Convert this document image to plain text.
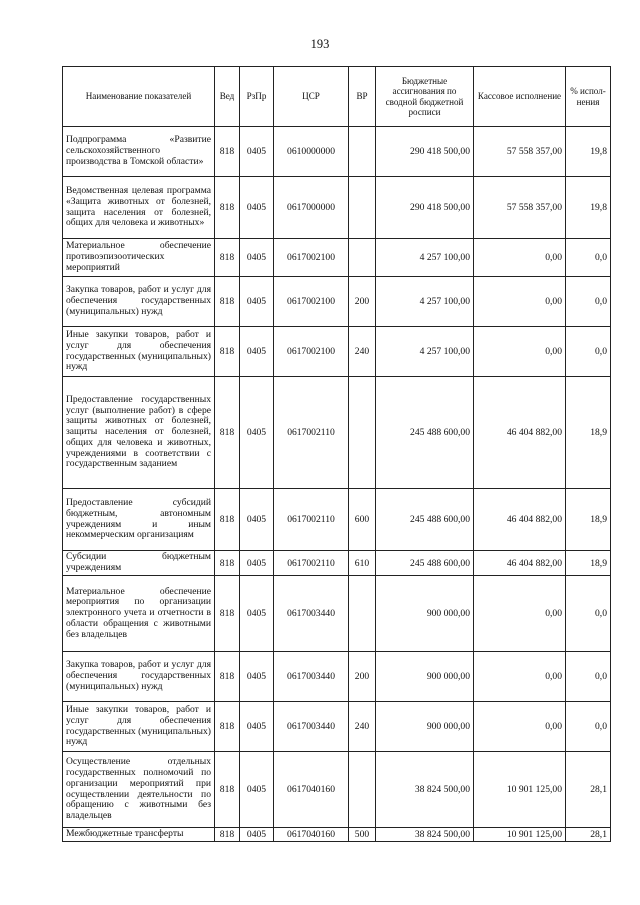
193
Наименование показателей	Вед	РзПр	ЦСР	ВР	Бюджетные ассигнования по сводной бюджетной росписи	Кассовое исполнение	% испол-нения
Подпрограмма «Развитие сельскохозяйственного производства в Томской области»	818	0405	0610000000		290 418 500,00	57 558 357,00	19,8
Ведомственная целевая программа «Защита животных от болезней, защита населения от болезней, общих для человека и животных»	818	0405	0617000000		290 418 500,00	57 558 357,00	19,8
Материальное обеспечение противоэпизоотических мероприятий	818	0405	0617002100		4 257 100,00	0,00	0,0
Закупка товаров, работ и услуг для обеспечения государственных (муниципальных) нужд	818	0405	0617002100	200	4 257 100,00	0,00	0,0
Иные закупки товаров, работ и услуг для обеспечения государственных (муниципальных) нужд	818	0405	0617002100	240	4 257 100,00	0,00	0,0
Предоставление государственных услуг (выполнение работ) в сфере защиты животных от болезней, защиты населения от болезней, общих для человека и животных, учреждениями в соответствии с государственным заданием	818	0405	0617002110		245 488 600,00	46 404 882,00	18,9
Предоставление субсидий бюджетным, автономным учреждениям и иным некоммерческим организациям	818	0405	0617002110	600	245 488 600,00	46 404 882,00	18,9
Субсидии бюджетным учреждениям	818	0405	0617002110	610	245 488 600,00	46 404 882,00	18,9
Материальное обеспечение мероприятия по организации электронного учета и отчетности в области обращения с животными без владельцев	818	0405	0617003440		900 000,00	0,00	0,0
Закупка товаров, работ и услуг для обеспечения государственных (муниципальных) нужд	818	0405	0617003440	200	900 000,00	0,00	0,0
Иные закупки товаров, работ и услуг для обеспечения государственных (муниципальных) нужд	818	0405	0617003440	240	900 000,00	0,00	0,0
Осуществление отдельных государственных полномочий по организации мероприятий при осуществлении деятельности по обращению с животными без владельцев	818	0405	0617040160		38 824 500,00	10 901 125,00	28,1
Межбюджетные трансферты	818	0405	0617040160	500	38 824 500,00	10 901 125,00	28,1
